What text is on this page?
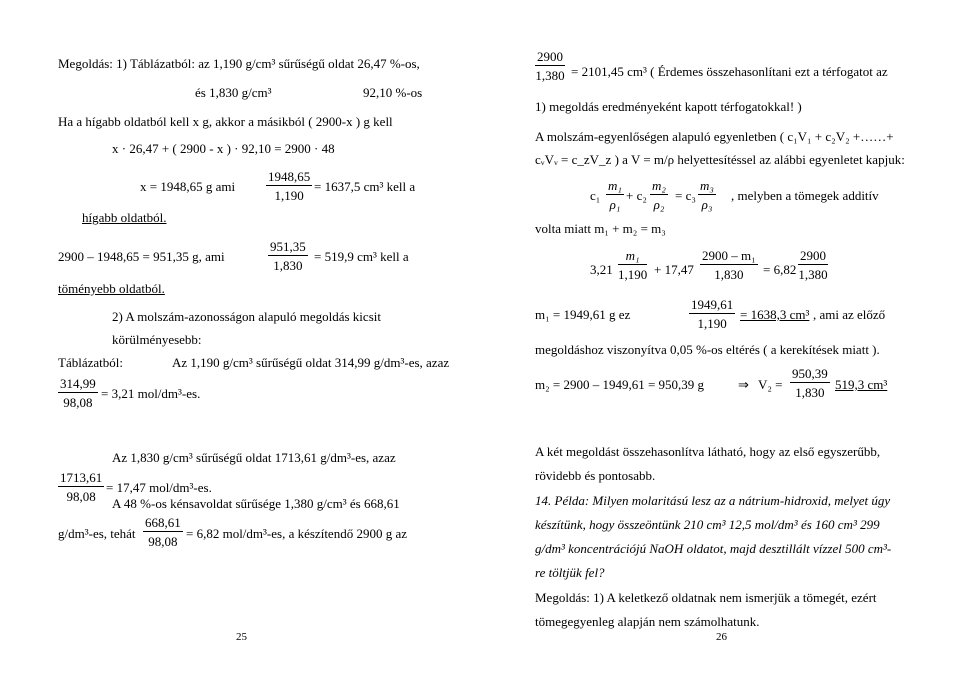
Megoldás: 1) Táblázatból: az 1,190 g/cm³ sűrűségű oldat 26,47 %-os,
és 1,830 g/cm³	92,10 %-os
Ha a hígabb oldatból kell x g, akkor a másikból ( 2900-x ) g kell
x · 26,47 + ( 2900 - x ) · 92,10 = 2900 · 48
x = 1948,65 g ami $\frac{1948,65}{1,190} = 1637,5$ cm³ kell a
hígabb oldatból.
2900 – 1948,65 = 951,35 g, ami	$\frac{951,35}{1,830} = 519,9$ cm³ kell a
töményebb oldatból.
2) A molszám-azonosságon alapuló megoldás kicsit
körülményesebb:
Táblázatból:	Az 1,190 g/cm³ sűrűségű oldat 314,99 g/dm³-es, azaz
$\frac{314,99}{98,08} = 3,21$ mol/dm³-es.
Az 1,830 g/cm³ sűrűségű oldat 1713,61 g/dm³-es, azaz
$\frac{1713,61}{98,08} = 17,47$ mol/dm³-es.
A 48 %-os kénsavoldat sűrűsége 1,380 g/cm³ és 668,61
g/dm³-es, tehát $\frac{668,61}{98,08} = 6,82$ mol/dm³-es, a készítendő 2900 g az
25
$\frac{2900}{1,380} = 2101,45$ cm³ ( Érdemes összehasonlítani ezt a térfogatot az
1) megoldás eredményeként kapott térfogatokkal! )
A molszám-egyenlőségen alapuló egyenletben ( c₁V₁ + c₂V₂ +……+
cᵥVᵥ = c_zV_z ) a V = m/ρ helyettesítéssel az alábbi egyenletet kapjuk:
$c_1 \frac{\text{m₁}}{\text{ρ₁}} + c_2 \frac{\text{m₂}}{\text{ρ₂}} = c_3 \frac{\text{m₃}}{\text{ρ₃}}$ , melyben a tömegek additív
volta miatt m₁ + m₂ = m₃
$3,21 \frac{\text{m₁}}{1,190} + 17,47 \frac{\text{2900 – m₁}}{1,830} = 6,82 \frac{2900}{1,380}$
m₁ = 1949,61 g ez	$\frac{1949,61}{1,190} = 1638,3$ cm³ , ami az előző
megoldáshoz viszonyítva 0,05 %-os eltérés ( a kerekítések miatt ).
m₂ = 2900 – 1949,61 = 950,39 g	⇒ $V_2 = \frac{950,39}{1,830} 519,3$ cm³
A két megoldást összehasonlítva látható, hogy az első egyszerűbb,
rövidebb és pontosabb.
14. Példa: Milyen molaritású lesz az a nátrium-hidroxid, melyet úgy
készítünk, hogy összeöntünk 210 cm³ 12,5 mol/dm³ és 160 cm³ 299
g/dm³ koncentrációjú NaOH oldatot, majd desztillált vízzel 500 cm³-
re töltjük fel?
Megoldás: 1) A keletkező oldatnak nem ismerjük a tömegét, ezért
tömegegyenleg alapján nem számolhatunk.
26
